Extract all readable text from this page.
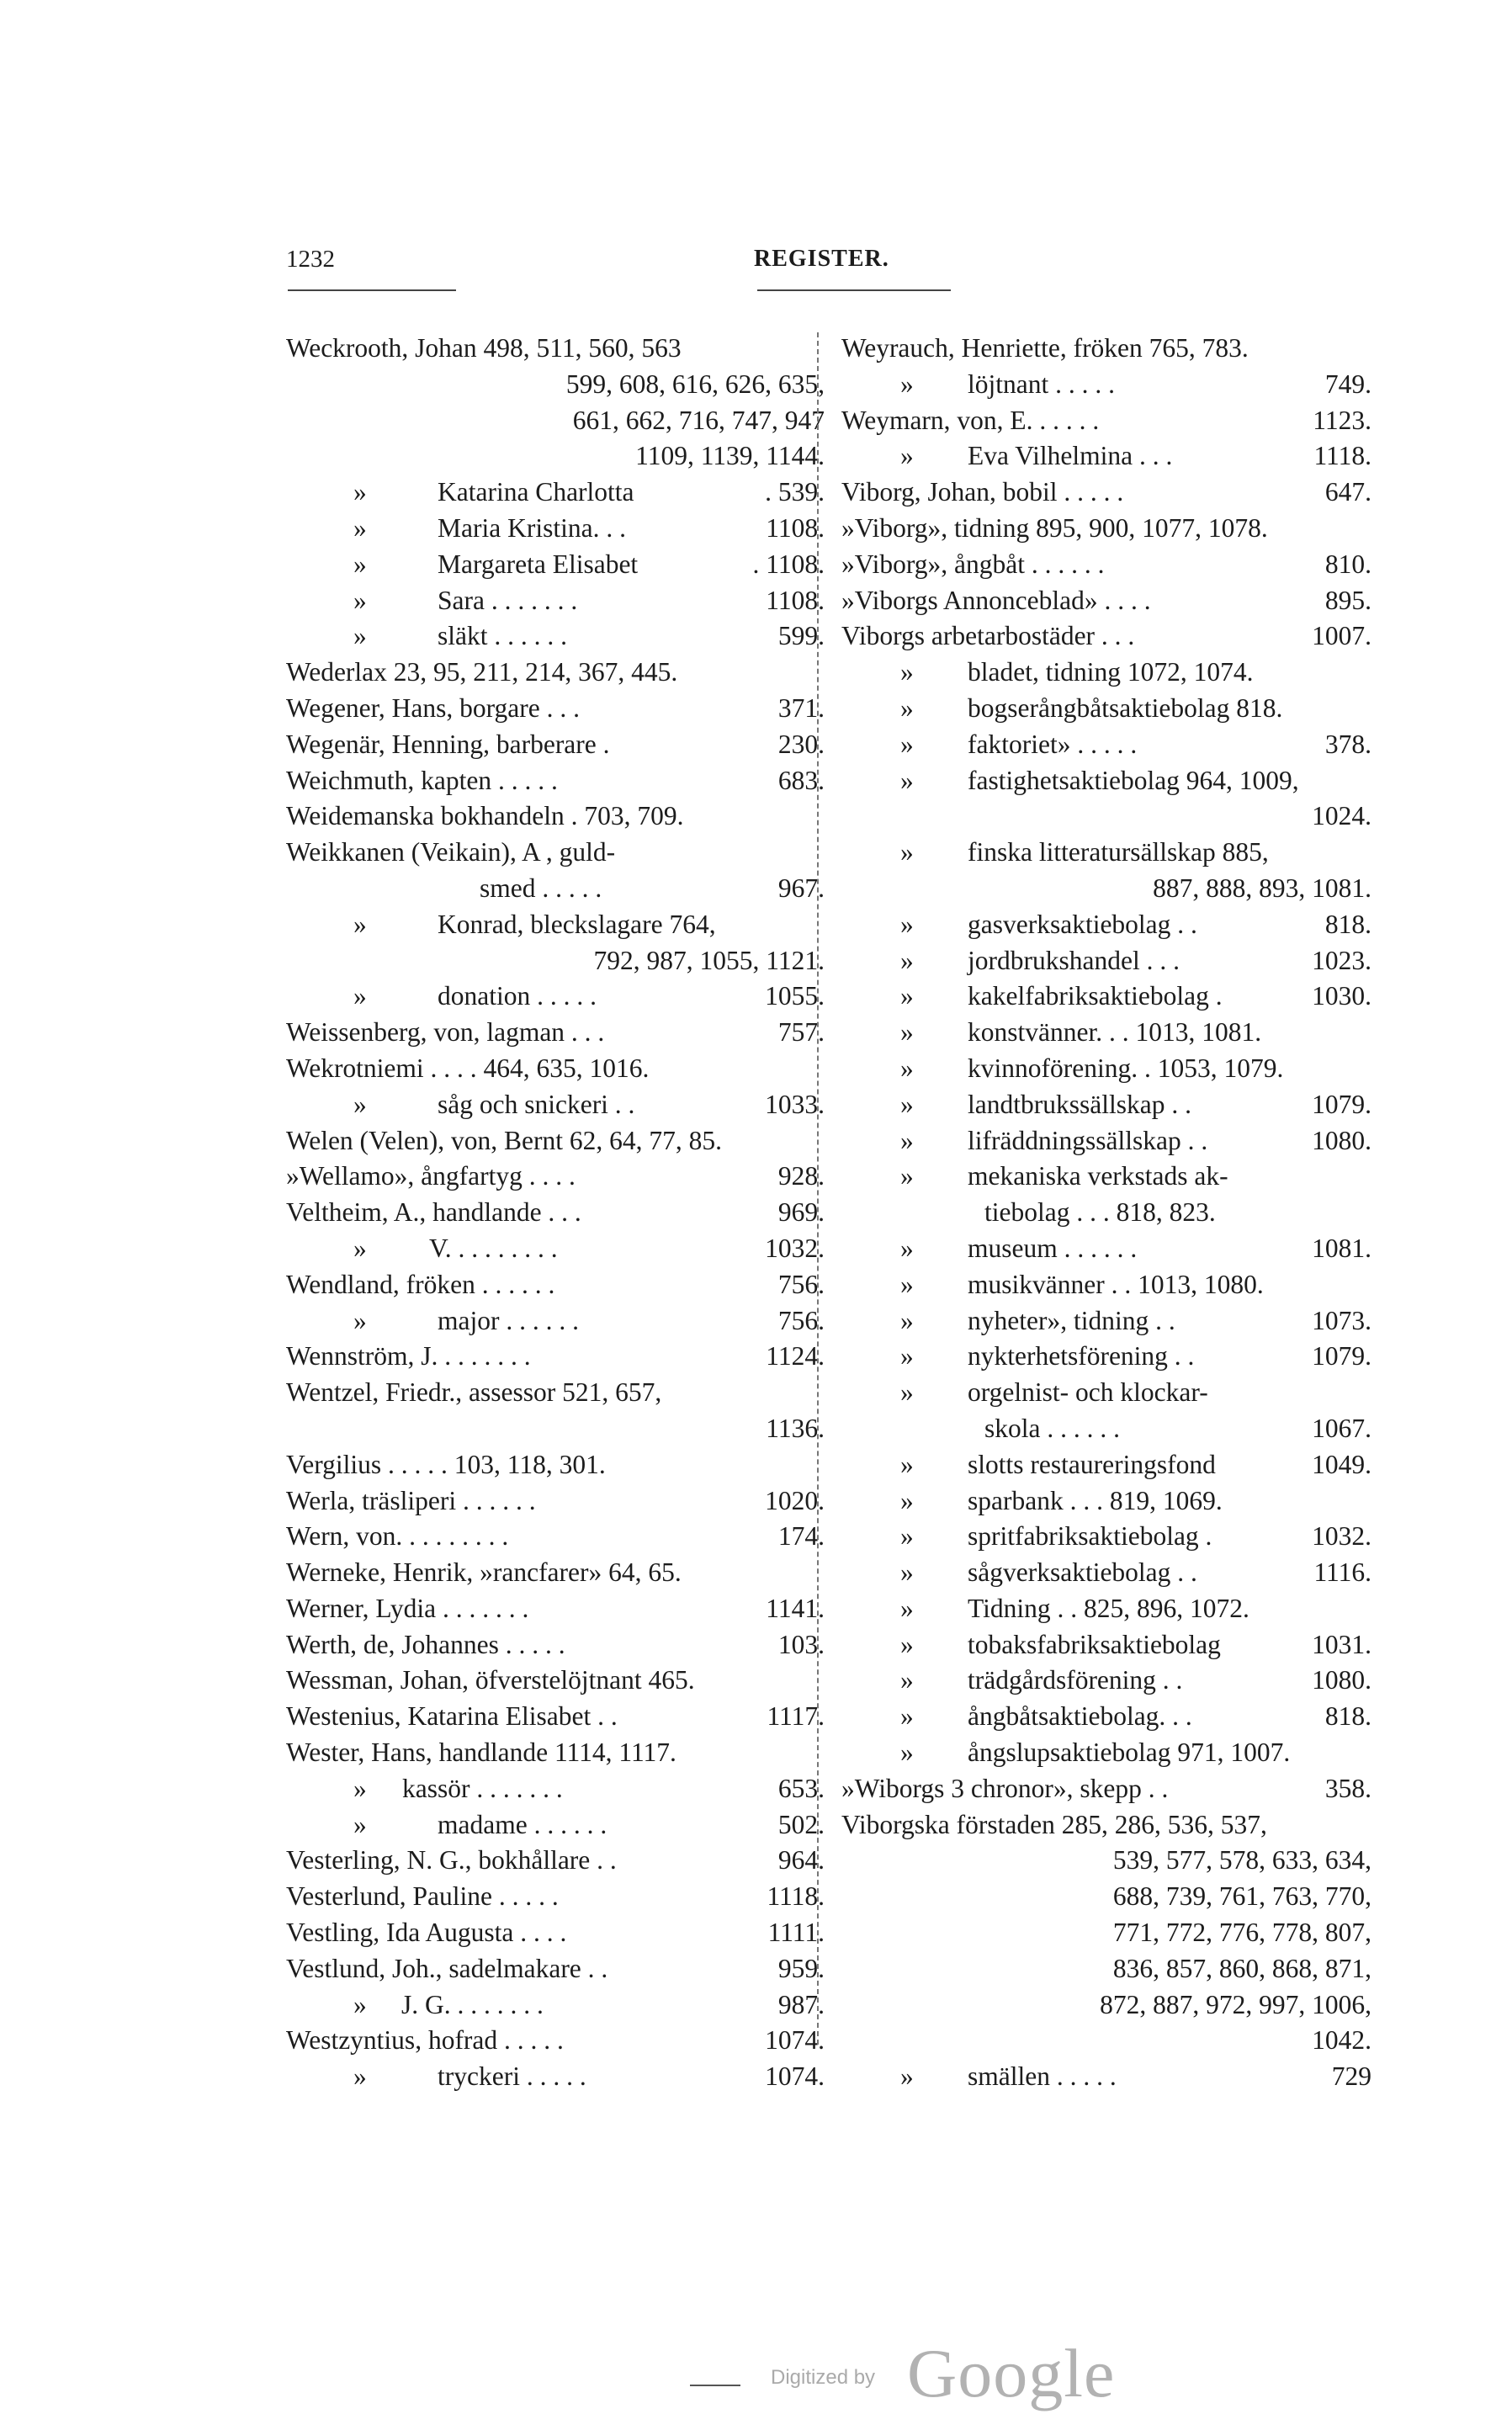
1232	REGISTER.
Weckrooth, Johan 498, 511, 560, 563
599, 608, 616, 626, 635,
661, 662, 716, 747, 947
1109, 1139, 1144.
»	Katarina Charlotta	. 539.
»	Maria Kristina. . .	1108.
»	Margareta Elisabet	. 1108.
»	Sara . . . . . . .	1108.
»	släkt . . . . . .	599.
Wederlax 23, 95, 211, 214, 367, 445.
Wegener, Hans, borgare . . .	371.
Wegenär, Henning, barberare .	230.
Weichmuth, kapten . . . . .	683.
Weidemanska bokhandeln . 703, 709.
Weikkanen (Veikain), A , guld-
smed . . . . .	967.
»	Konrad, bleckslagare 764,
792, 987, 1055, 1121.
»	donation . . . . .	1055.
Weissenberg, von, lagman . . .	757.
Wekrotniemi . . . . 464, 635, 1016.
»	såg och snickeri . .	1033.
Welen (Velen), von, Bernt 62, 64, 77, 85.
»Wellamo», ångfartyg . . . .	928.
Veltheim, A., handlande . . .	969.
» V. . . . . . . . .	1032.
Wendland, fröken . . . . . .	756.
»	major . . . . . .	756.
Wennström, J. . . . . . . .	1124.
Wentzel, Friedr., assessor 521, 657,
1136.
Vergilius . . . . . 103, 118, 301.
Werla, träsliperi . . . . . .	1020.
Wern, von. . . . . . . . .	174.
Werneke, Henrik, »rancfarer» 64, 65.
Werner, Lydia . . . . . . .	1141.
Werth, de, Johannes . . . . .	103.
Wessman, Johan, öfverstelöjtnant 465.
Westenius, Katarina Elisabet . .	1117.
Wester, Hans, handlande 1114, 1117.
» kassör . . . . . . .	653.
»	madame . . . . . .	502.
Vesterling, N. G., bokhållare . .	964.
Vesterlund, Pauline . . . . .	1118.
Vestling, Ida Augusta . . . .	1111.
Vestlund, Joh., sadelmakare . .	959.
» J. G. . . . . . . .	987.
Westzyntius, hofrad . . . . .	1074.
»	tryckeri . . . . .	1074.
Weyrauch, Henriette, fröken 765, 783.
» löjtnant . . . . .	749.
Weymarn, von, E. . . . . .	1123.
» Eva Vilhelmina . . .	1118.
Viborg, Johan, bobil . . . . .	647.
»Viborg», tidning 895, 900, 1077, 1078.
»Viborg», ångbåt . . . . . .	810.
»Viborgs Annonceblad» . . . .	895.
Viborgs arbetarbostäder . . .	1007.
» bladet, tidning 1072, 1074.
» bogserångbåtsaktiebolag 818.
» faktoriet» . . . . .	378.
» fastighetsaktiebolag 964, 1009,
1024.
» finska litteratursällskap 885,
887, 888, 893, 1081.
» gasverksaktiebolag . .	818.
» jordbrukshandel . . .	1023.
» kakelfabriksaktiebolag .	1030.
» konstvänner. . . 1013, 1081.
» kvinnoförening. . 1053, 1079.
» landtbrukssällskap . .	1079.
» lifräddningssällskap . .	1080.
» mekaniska verkstads ak-
tiebolag . . . 818, 823.
» museum . . . . . .	1081.
» musikvänner . . 1013, 1080.
» nyheter», tidning . .	1073.
» nykterhetsförening . .	1079.
» orgelnist- och klockar-
skola . . . . . .	1067.
» slotts restaureringsfond	1049.
» sparbank . . . 819, 1069.
» spritfabriksaktiebolag .	1032.
» sågverksaktiebolag . .	1116.
» Tidning . . 825, 896, 1072.
» tobaksfabriksaktiebolag	1031.
» trädgårdsförening . .	1080.
» ångbåtsaktiebolag. . .	818.
» ångslupsaktiebolag 971, 1007.
»Wiborgs 3 chronor», skepp . .	358.
Viborgska förstaden 285, 286, 536, 537,
539, 577, 578, 633, 634,
688, 739, 761, 763, 770,
771, 772, 776, 778, 807,
836, 857, 860, 868, 871,
872, 887, 972, 997, 1006,
1042.
» smällen . . . . .	729
Digitized by Google
